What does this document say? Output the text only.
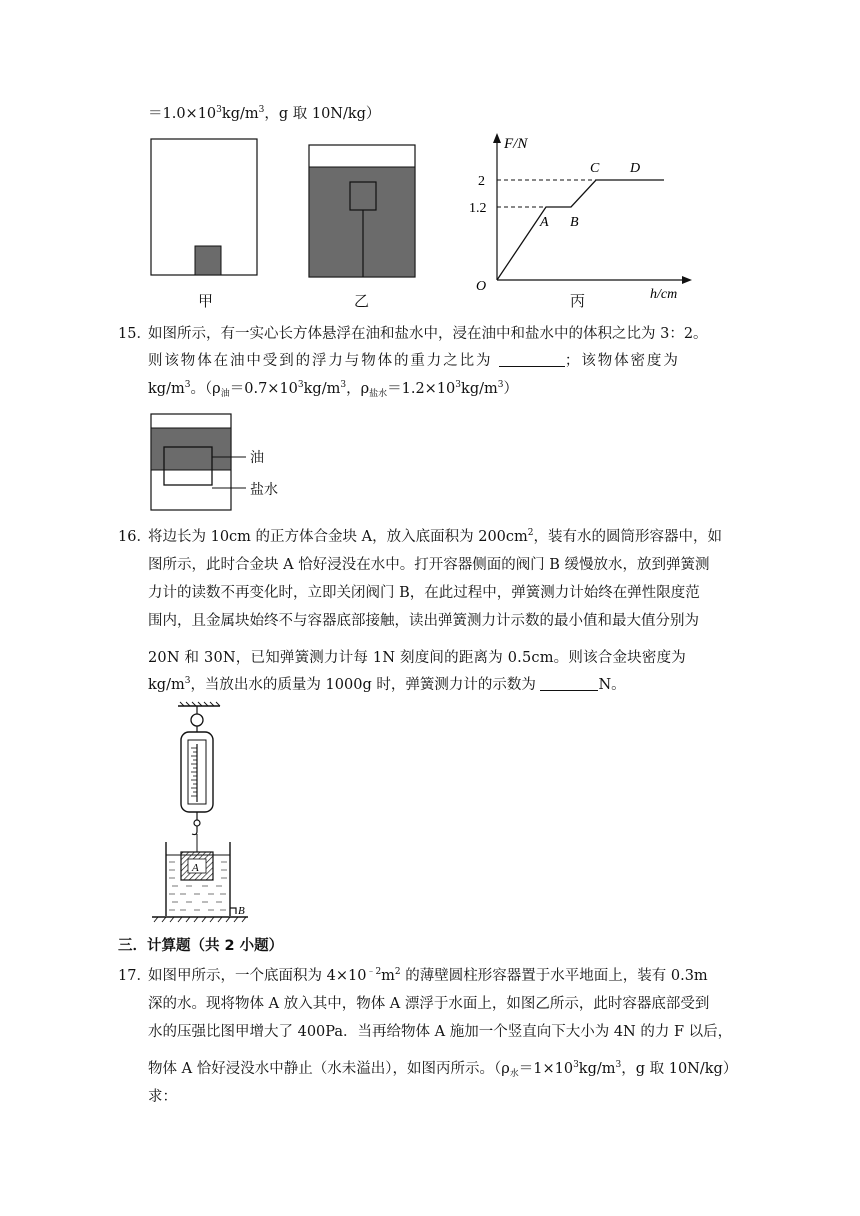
$=1.0\times 10^3kg/m^3$，g 取 10N/kg）
甲	乙
F/N
h/cm
O
2
1.2
A B
C D
丙
15．
如图所示，有一实心长方体悬浮在油和盐水中，浸在油中和盐水中的体积之比为 3：2。
则该物体在油中受到的浮力与物体的重力之比为	；该物体密度为
$kg/m^3$。（$\rho_油=0.7\times 10^3kg/m^3$，$\rho_{盐水}=1.2\times 10^3kg/m^3$）
油
盐水
16．
将边长为 10cm 的正方体合金块 A，放入底面积为 $200cm^2$，装有水的圆筒形容器中，如
图所示，此时合金块 A 恰好浸没在水中。打开容器侧面的阀门 B 缓慢放水，放到弹簧测
力计的读数不再变化时，立即关闭阀门 B，在此过程中，弹簧测力计始终在弹性限度范
围内，且金属块始终不与容器底部接触，读出弹簧测力计示数的最小值和最大值分别为
20N 和 30N，已知弹簧测力计每 1N 刻度间的距离为 0.5cm。则该合金块密度为
$kg/m^3$，当放出水的质量为 1000g 时，弹簧测力计的示数为	N。
A
B
三．计算题（共 2 小题）
17．
如图甲所示，一个底面积为 $4\times 10^{﹣2}m^2$ 的薄壁圆柱形容器置于水平地面上，装有 0.3m
深的水。现将物体 A 放入其中，物体 A 漂浮于水面上，如图乙所示，此时容器底部受到
水的压强比图甲增大了 400Pa．当再给物体 A 施加一个竖直向下大小为 4N 的力 F 以后，
物体 A 恰好浸没水中静止（水未溢出），如图丙所示。（$\rho_水=1\times 10^3kg/m^3$，g 取 10N/kg）
求：
